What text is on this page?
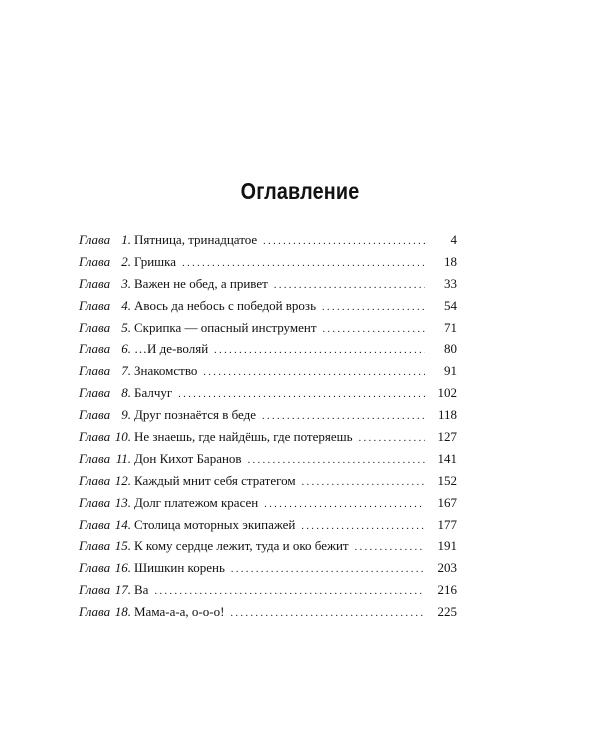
Оглавление
Глава 1. Пятница, тринадцатое . . .	4
Глава 2. Гришка . . .	18
Глава 3. Важен не обед, а привет . . .	33
Глава 4. Авось да небось с победой врозь . . .	54
Глава 5. Скрипка — опасный инструмент . . .	71
Глава 6. …И де-воляй . . .	80
Глава 7. Знакомство . . .	91
Глава 8. Балчуг . . .	102
Глава 9. Друг познаётся в беде . . .	118
Глава 10. Не знаешь, где найдёшь, где потеряешь . . .	127
Глава 11. Дон Кихот Баранов . . .	141
Глава 12. Каждый мнит себя стратегом . . .	152
Глава 13. Долг платежом красен . . .	167
Глава 14. Столица моторных экипажей . . .	177
Глава 15. К кому сердце лежит, туда и око бежит . . .	191
Глава 16. Шишкин корень . . .	203
Глава 17. Ва . . .	216
Глава 18. Мама-а-а, о-о-о! . . .	225
